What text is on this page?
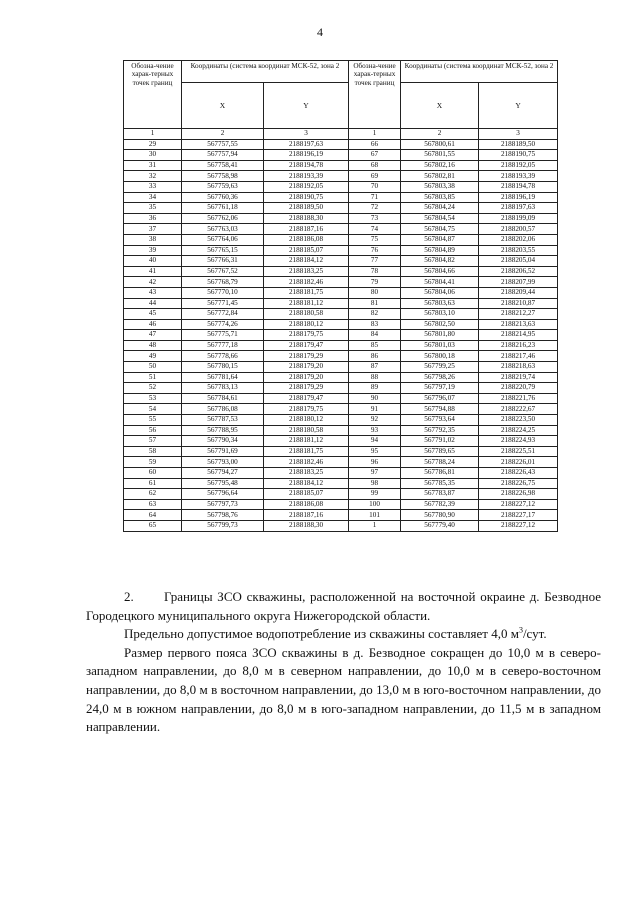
4
Обозна-чение харак-терных точек границ	Координаты (система координат МСК-52, зона 2		Обозна-чение харак-терных точек границ	Координаты (система координат МСК-52, зона 2	
	X	Y		X	Y
1	2	3	1	2	3
29	567757,55	2188197,63	66	567800,61	2188189,50
30	567757,94	2188196,19	67	567801,55	2188190,75
31	567758,41	2188194,78	68	567802,16	2188192,05
32	567758,98	2188193,39	69	567802,81	2188193,39
33	567759,63	2188192,05	70	567803,38	2188194,78
34	567760,36	2188190,75	71	567803,85	2188196,19
35	567761,18	2188189,50	72	567804,24	2188197,63
36	567762,06	2188188,30	73	567804,54	2188199,09
37	567763,03	2188187,16	74	567804,75	2188200,57
38	567764,06	2188186,08	75	567804,87	2188202,06
39	567765,15	2188185,07	76	567804,89	2188203,55
40	567766,31	2188184,12	77	567804,82	2188205,04
41	567767,52	2188183,25	78	567804,66	2188206,52
42	567768,79	2188182,46	79	567804,41	2188207,99
43	567770,10	2188181,75	80	567804,06	2188209,44
44	567771,45	2188181,12	81	567803,63	2188210,87
45	567772,84	2188180,58	82	567803,10	2188212,27
46	567774,26	2188180,12	83	567802,50	2188213,63
47	567775,71	2188179,75	84	567801,80	2188214,95
48	567777,18	2188179,47	85	567801,03	2188216,23
49	567778,66	2188179,29	86	567800,18	2188217,46
50	567780,15	2188179,20	87	567799,25	2188218,63
51	567781,64	2188179,20	88	567798,26	2188219,74
52	567783,13	2188179,29	89	567797,19	2188220,79
53	567784,61	2188179,47	90	567796,07	2188221,76
54	567786,08	2188179,75	91	567794,88	2188222,67
55	567787,53	2188180,12	92	567793,64	2188223,50
56	567788,95	2188180,58	93	567792,35	2188224,25
57	567790,34	2188181,12	94	567791,02	2188224,93
58	567791,69	2188181,75	95	567789,65	2188225,51
59	567793,00	2188182,46	96	567788,24	2188226,01
60	567794,27	2188183,25	97	567786,81	2188226,43
61	567795,48	2188184,12	98	567785,35	2188226,75
62	567796,64	2188185,07	99	567783,87	2188226,98
63	567797,73	2188186,08	100	567782,39	2188227,12
64	567798,76	2188187,16	101	567780,90	2188227,17
65	567799,73	2188188,30	1	567779,40	2188227,12

2. Границы ЗСО скважины, расположенной на восточной окраине д. Безводное Городецкого муниципального округа Нижегородской области.

Предельно допустимое водопотребление из скважины составляет 4,0 $м^3$/сут.

Размер первого пояса ЗСО скважины в д. Безводное сокращен до 10,0 м в северо-западном направлении, до 8,0 м в северном направлении, до 10,0 м в северо-восточном направлении, до 8,0 м в восточном направлении, до 13,0 м в юго-восточном направлении, до 24,0 м в южном направлении, до 8,0 м в юго-западном направлении, до 11,5 м в западном направлении.
